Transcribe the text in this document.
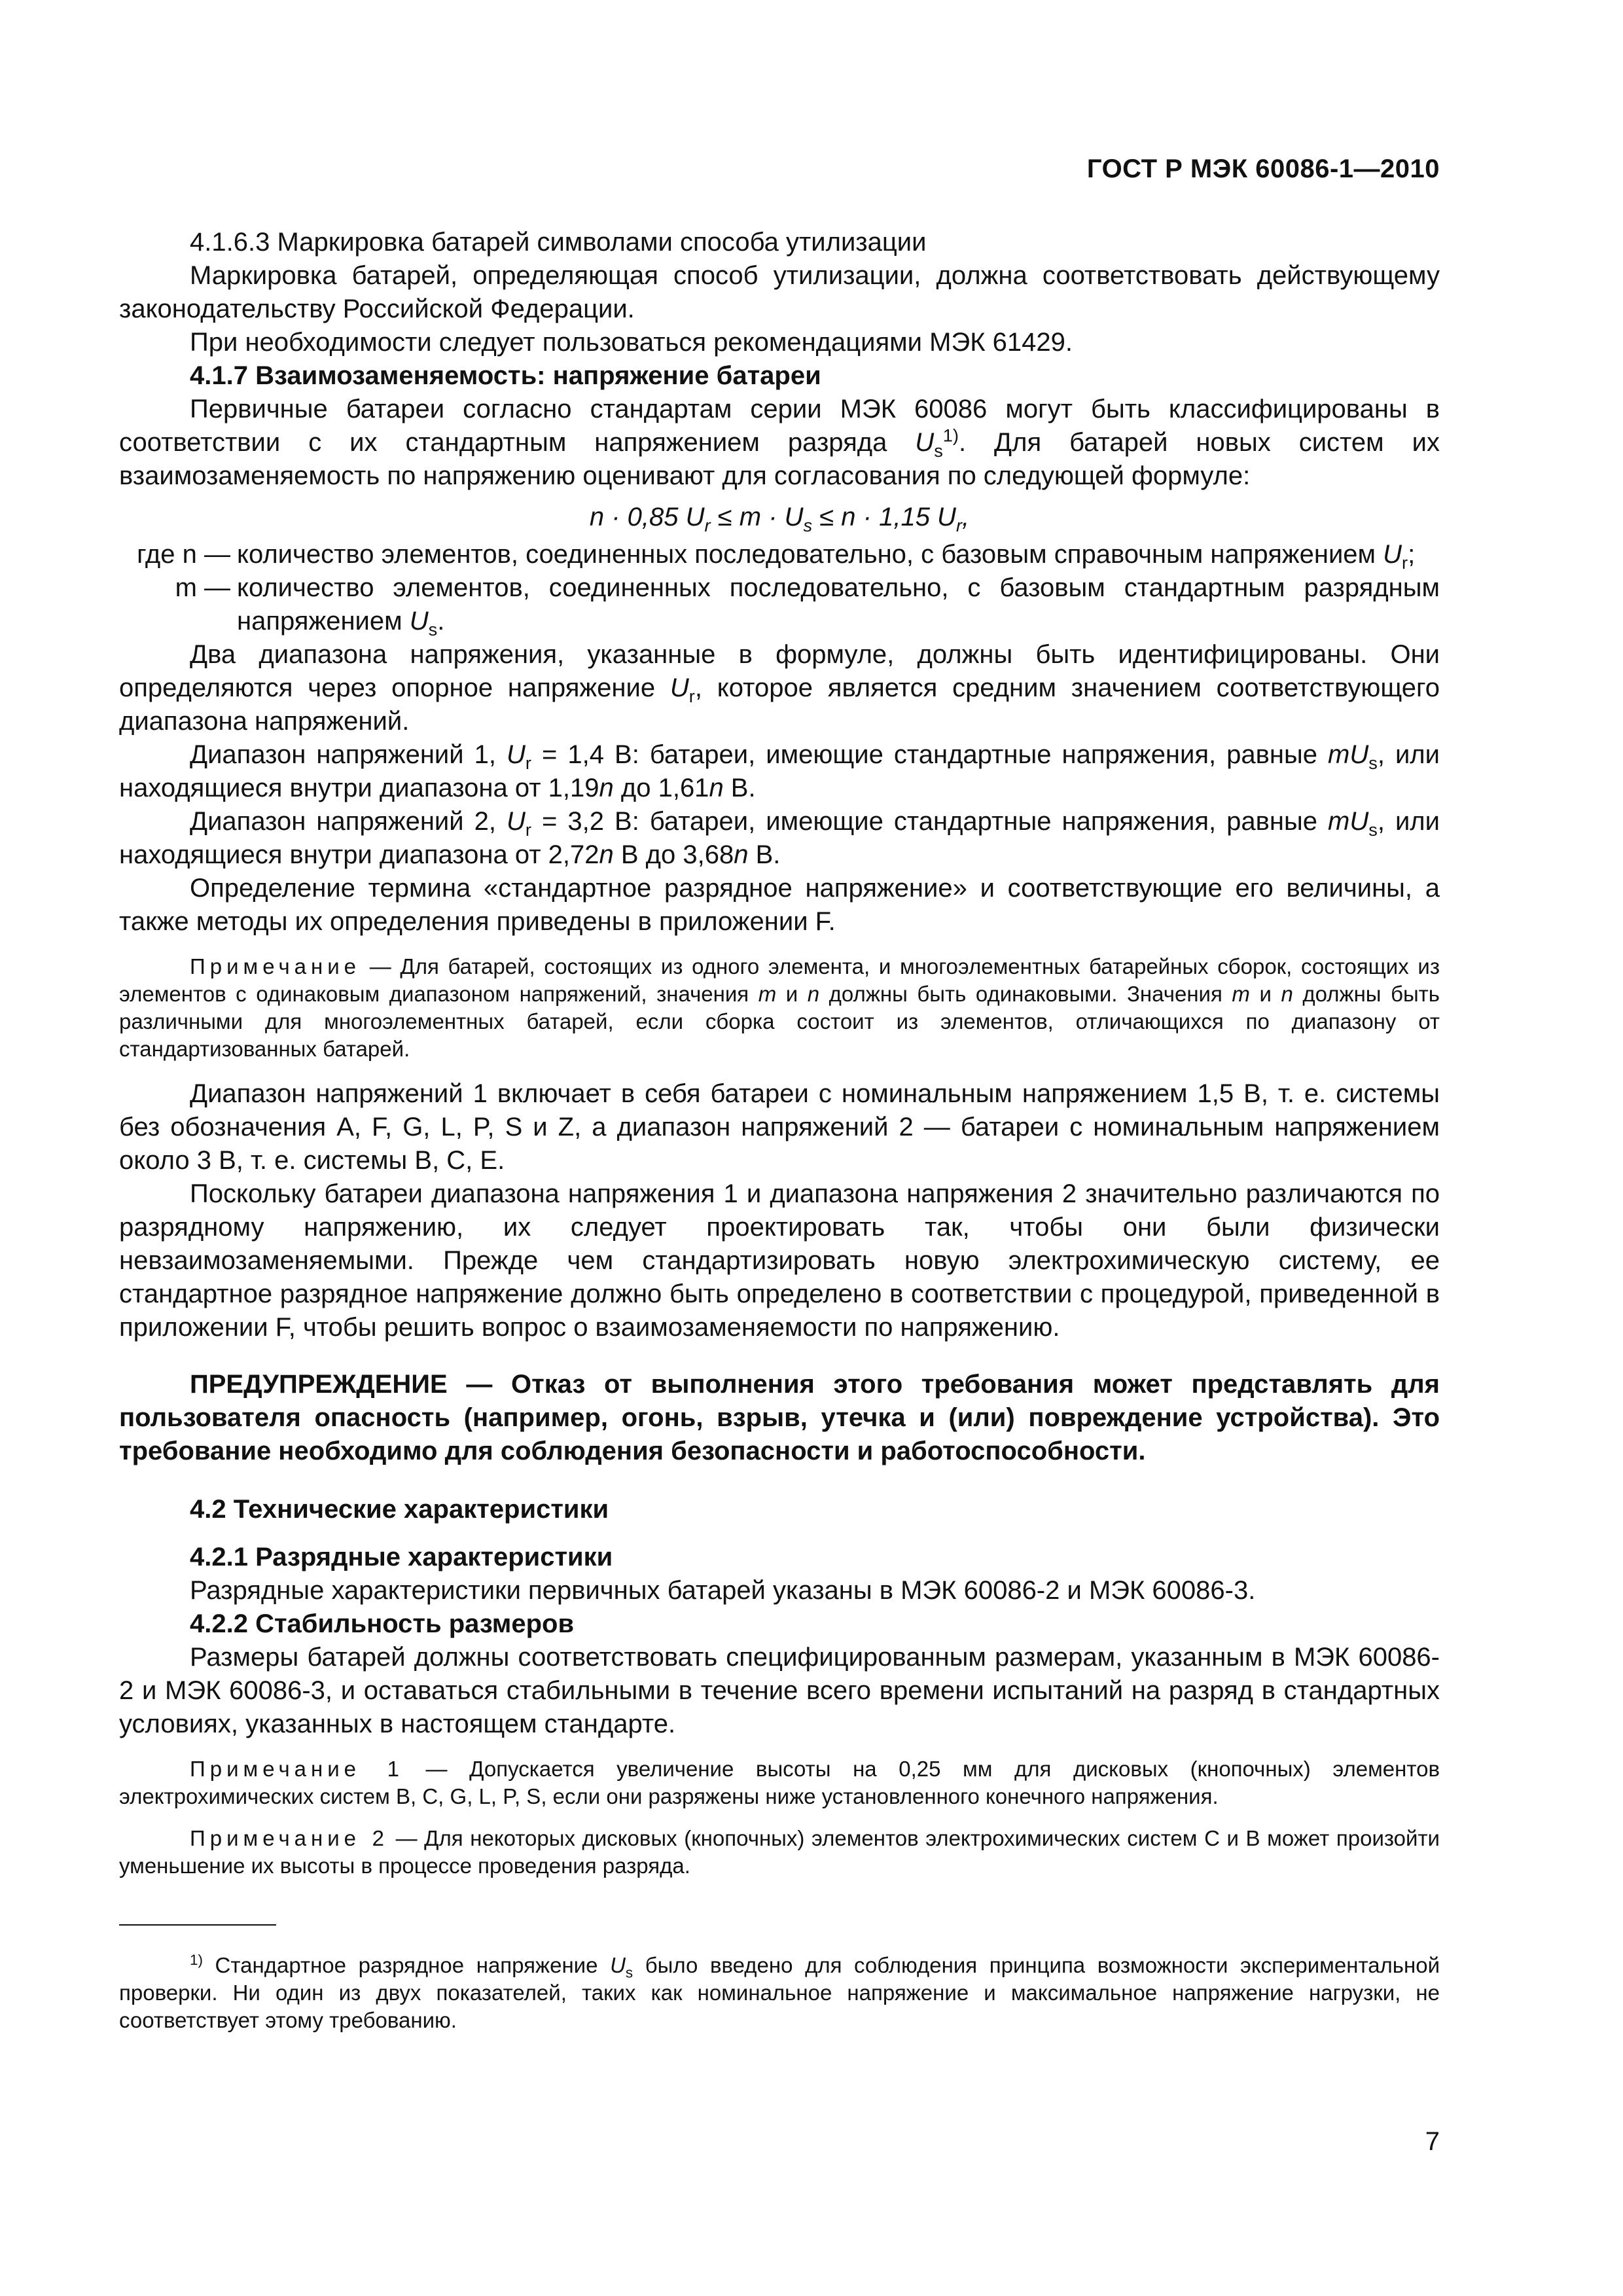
ГОСТ Р МЭК 60086-1—2010

4.1.6.3 Маркировка батарей символами способа утилизации

Маркировка батарей, определяющая способ утилизации, должна соответствовать действующему законодательству Российской Федерации.

При необходимости следует пользоваться рекомендациями МЭК 61429.

4.1.7 Взаимозаменяемость: напряжение батареи

Первичные батареи согласно стандартам серии МЭК 60086 могут быть классифицированы в соответствии с их стандартным напряжением разряда $U_s^{1)}$. Для батарей новых систем их взаимозаменяемость по напряжению оценивают для согласования по следующей формуле:

n · 0,85 $U_r \le m \cdot U_s \le n \cdot 1,15$ $U_r$,

где n — количество элементов, соединенных последовательно, с базовым справочным напряжением $U_r$;
m — количество элементов, соединенных последовательно, с базовым стандартным разрядным напряжением $U_s$.

Два диапазона напряжения, указанные в формуле, должны быть идентифицированы. Они определяются через опорное напряжение $U_r$, которое является средним значением соответствующего диапазона напряжений.

Диапазон напряжений 1, $U_r = 1,4$ В: батареи, имеющие стандартные напряжения, равные $mU_s$, или находящиеся внутри диапазона от 1,19n до 1,61n В.

Диапазон напряжений 2, $U_r = 3,2$ В: батареи, имеющие стандартные напряжения, равные $mU_s$, или находящиеся внутри диапазона от 2,72n В до 3,68n В.

Определение термина «стандартное разрядное напряжение» и соответствующие его величины, а также методы их определения приведены в приложении F.

Примечание — Для батарей, состоящих из одного элемента, и многоэлементных батарейных сборок, состоящих из элементов с одинаковым диапазоном напряжений, значения m и n должны быть одинаковыми. Значения m и n должны быть различными для многоэлементных батарей, если сборка состоит из элементов, отличающихся по диапазону от стандартизованных батарей.

Диапазон напряжений 1 включает в себя батареи с номинальным напряжением 1,5 В, т. е. системы без обозначения A, F, G, L, P, S и Z, а диапазон напряжений 2 — батареи с номинальным напряжением около 3 В, т. е. системы B, C, E.

Поскольку батареи диапазона напряжения 1 и диапазона напряжения 2 значительно различаются по разрядному напряжению, их следует проектировать так, чтобы они были физически невзаимозаменяемыми. Прежде чем стандартизировать новую электрохимическую систему, ее стандартное разрядное напряжение должно быть определено в соответствии с процедурой, приведенной в приложении F, чтобы решить вопрос о взаимозаменяемости по напряжению.

ПРЕДУПРЕЖДЕНИЕ — Отказ от выполнения этого требования может представлять для пользователя опасность (например, огонь, взрыв, утечка и (или) повреждение устройства). Это требование необходимо для соблюдения безопасности и работоспособности.

4.2 Технические характеристики

4.2.1 Разрядные характеристики

Разрядные характеристики первичных батарей указаны в МЭК 60086-2 и МЭК 60086-3.

4.2.2 Стабильность размеров

Размеры батарей должны соответствовать специфицированным размерам, указанным в МЭК 60086-2 и МЭК 60086-3, и оставаться стабильными в течение всего времени испытаний на разряд в стандартных условиях, указанных в настоящем стандарте.

Примечание 1 — Допускается увеличение высоты на 0,25 мм для дисковых (кнопочных) элементов электрохимических систем B, C, G, L, P, S, если они разряжены ниже установленного конечного напряжения.

Примечание 2 — Для некоторых дисковых (кнопочных) элементов электрохимических систем C и B может произойти уменьшение их высоты в процессе проведения разряда.

$^{1)}$ Стандартное разрядное напряжение $U_s$ было введено для соблюдения принципа возможности экспериментальной проверки. Ни один из двух показателей, таких как номинальное напряжение и максимальное напряжение нагрузки, не соответствует этому требованию.

7
